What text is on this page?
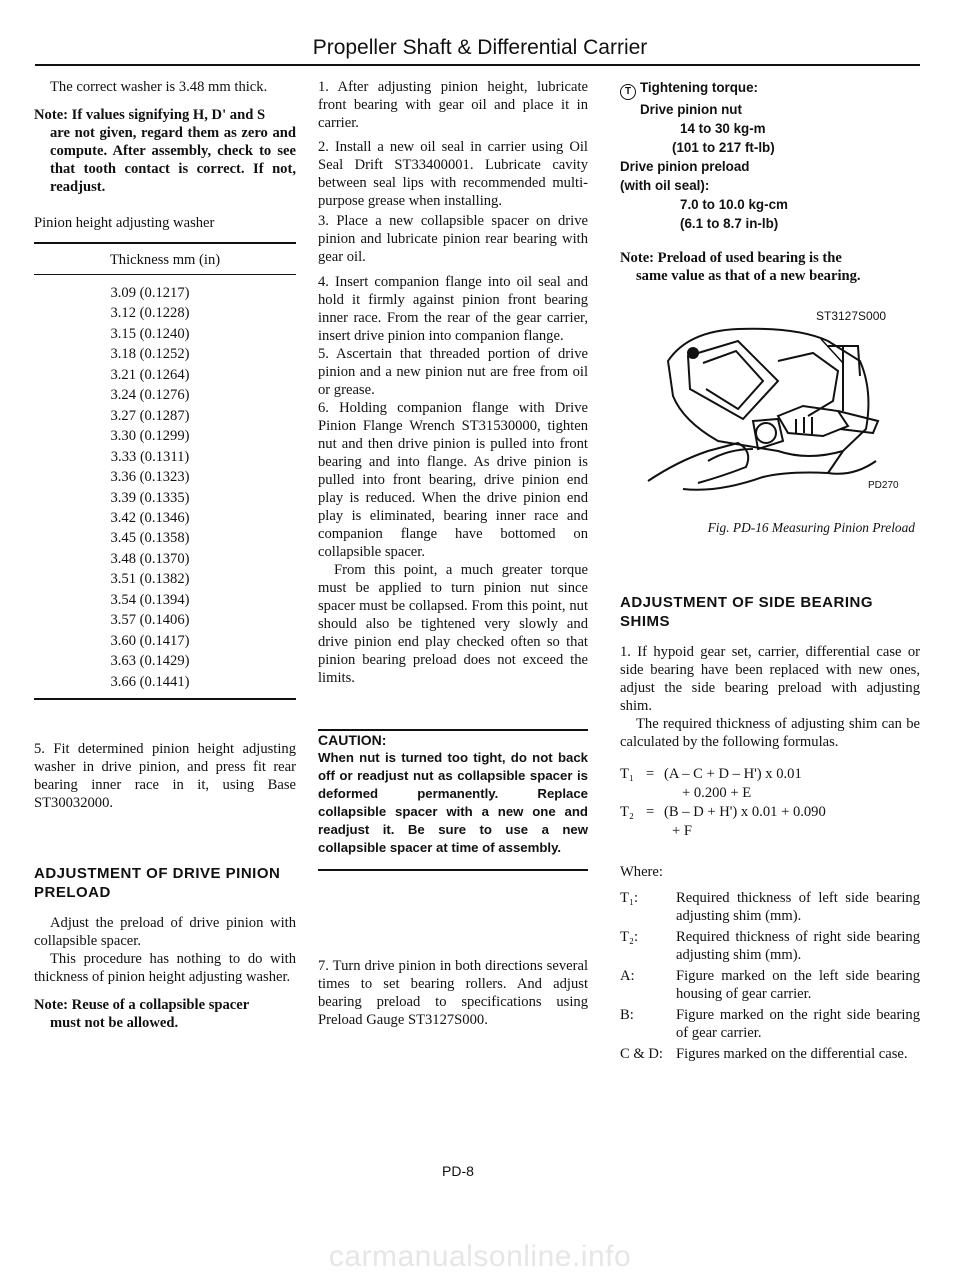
Propeller Shaft & Differential Carrier

The correct washer is 3.48 mm thick.

Note: If values signifying H, D' and S

are not given, regard them as zero and compute. After assembly, check to see that tooth contact is correct. If not, readjust.

Pinion height adjusting washer

Thickness mm (in)
3.09 (0.1217)
3.12 (0.1228)
3.15 (0.1240)
3.18 (0.1252)
3.21 (0.1264)
3.24 (0.1276)
3.27 (0.1287)
3.30 (0.1299)
3.33 (0.1311)
3.36 (0.1323)
3.39 (0.1335)
3.42 (0.1346)
3.45 (0.1358)
3.48 (0.1370)
3.51 (0.1382)
3.54 (0.1394)
3.57 (0.1406)
3.60 (0.1417)
3.63 (0.1429)
3.66 (0.1441)

5. Fit determined pinion height adjusting washer in drive pinion, and press fit rear bearing inner race in it, using Base ST30032000.

ADJUSTMENT OF DRIVE PINION PRELOAD

Adjust the preload of drive pinion with collapsible spacer.

This procedure has nothing to do with thickness of pinion height adjusting washer.

Note: Reuse of a collapsible spacer

must not be allowed.

1. After adjusting pinion height, lubricate front bearing with gear oil and place it in carrier.

2. Install a new oil seal in carrier using Oil Seal Drift ST33400001. Lubricate cavity between seal lips with recommended multi-purpose grease when installing.

3. Place a new collapsible spacer on drive pinion and lubricate pinion rear bearing with gear oil.

4. Insert companion flange into oil seal and hold it firmly against pinion front bearing inner race. From the rear of the gear carrier, insert drive pinion into companion flange.

5. Ascertain that threaded portion of drive pinion and a new pinion nut are free from oil or grease.

6. Holding companion flange with Drive Pinion Flange Wrench ST31530000, tighten nut and then drive pinion is pulled into front bearing and into flange. As drive pinion is pulled into front bearing, drive pinion end play is reduced. When the drive pinion end play is eliminated, bearing inner race and companion flange have bottomed on collapsible spacer.

From this point, a much greater torque must be applied to turn pinion nut since spacer must be collapsed. From this point, nut should also be tightened very slowly and drive pinion end play checked often so that pinion bearing preload does not exceed the limits.

CAUTION:

When nut is turned too tight, do not back off or readjust nut as collapsible spacer is deformed permanently. Replace collapsible spacer with a new one and readjust it. Be sure to use a new collapsible spacer at time of assembly.

7. Turn drive pinion in both directions several times to set bearing rollers. And adjust bearing preload to specifications using Preload Gauge ST3127S000.

T Tightening torque:
Drive pinion nut
14 to 30 kg-m
(101 to 217 ft-lb)
Drive pinion preload
(with oil seal):
7.0 to 10.0 kg-cm
(6.1 to 8.7 in-lb)

Note: Preload of used bearing is the

same value as that of a new bearing.

ST3127S000
PD270

Fig. PD-16 Measuring Pinion Preload

ADJUSTMENT OF SIDE BEARING SHIMS

1. If hypoid gear set, carrier, differential case or side bearing have been replaced with new ones, adjust the side bearing preload with adjusting shim.

The required thickness of adjusting shim can be calculated by the following formulas.

T₁ = (A – C + D – H') x 0.01
+ 0.200 + E
T₂ = (B – D + H') x 0.01 + 0.090
+ F

Where:

T₁:	Required thickness of left side bearing adjusting shim (mm).
T₂:	Required thickness of right side bearing adjusting shim (mm).
A:	Figure marked on the left side bearing housing of gear carrier.
B:	Figure marked on the right side bearing of gear carrier.
C & D: Figures marked on the differential case.
PD-8
carmanualsonline.info
